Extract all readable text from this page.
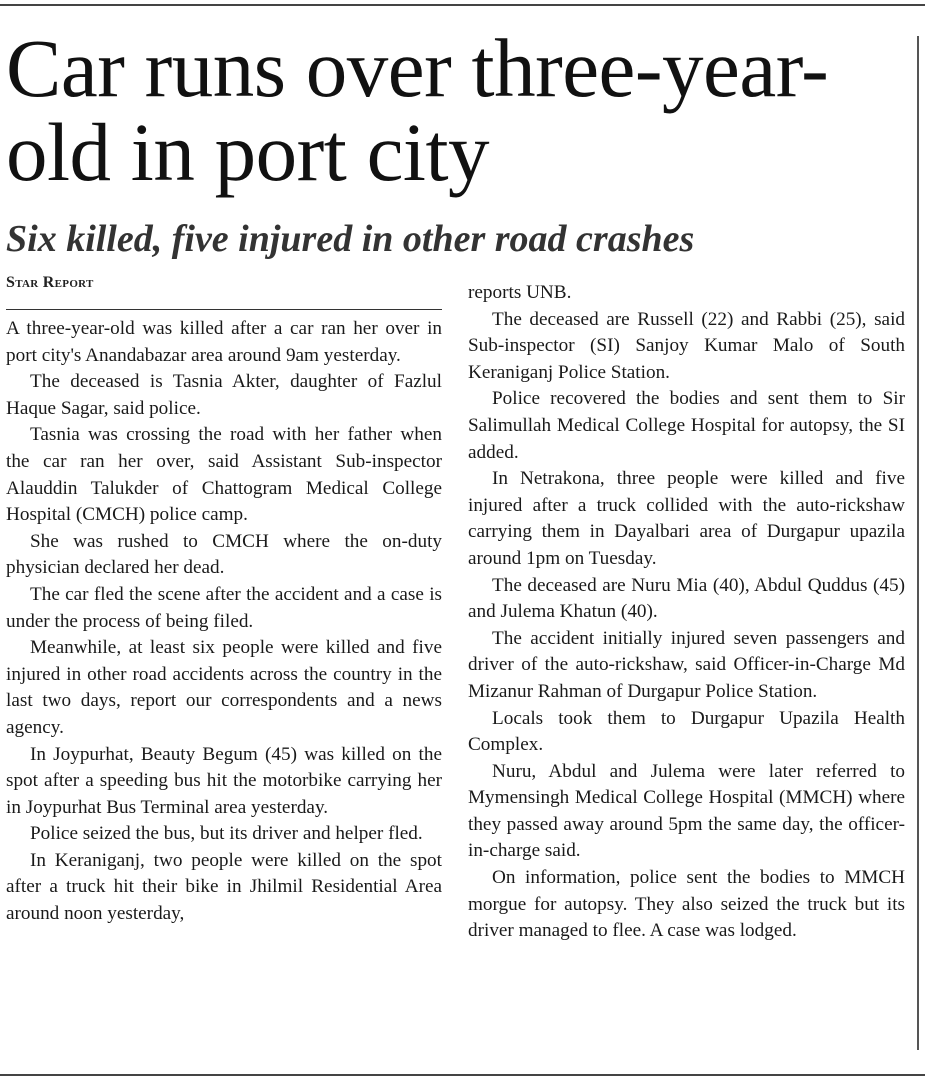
Car runs over three-year-old in port city
Six killed, five injured in other road crashes
Star Report

A three-year-old was killed after a car ran her over in port city's Anandabazar area around 9am yesterday.

The deceased is Tasnia Akter, daughter of Fazlul Haque Sagar, said police.

Tasnia was crossing the road with her father when the car ran her over, said Assistant Sub-inspector Alauddin Talukder of Chattogram Medical College Hospital (CMCH) police camp.

She was rushed to CMCH where the on-duty physician declared her dead.

The car fled the scene after the accident and a case is under the process of being filed.

Meanwhile, at least six people were killed and five injured in other road accidents across the country in the last two days, report our correspondents and a news agency.

In Joypurhat, Beauty Begum (45) was killed on the spot after a speeding bus hit the motorbike carrying her in Joypurhat Bus Terminal area yesterday.

Police seized the bus, but its driver and helper fled.

In Keraniganj, two people were killed on the spot after a truck hit their bike in Jhilmil Residential Area around noon yesterday,

reports UNB.

The deceased are Russell (22) and Rabbi (25), said Sub-inspector (SI) Sanjoy Kumar Malo of South Keraniganj Police Station.

Police recovered the bodies and sent them to Sir Salimullah Medical College Hospital for autopsy, the SI added.

In Netrakona, three people were killed and five injured after a truck collided with the auto-rickshaw carrying them in Dayalbari area of Durgapur upazila around 1pm on Tuesday.

The deceased are Nuru Mia (40), Abdul Quddus (45) and Julema Khatun (40).

The accident initially injured seven passengers and driver of the auto-rickshaw, said Officer-in-Charge Md Mizanur Rahman of Durgapur Police Station.

Locals took them to Durgapur Upazila Health Complex.

Nuru, Abdul and Julema were later referred to Mymensingh Medical College Hospital (MMCH) where they passed away around 5pm the same day, the officer-in-charge said.

On information, police sent the bodies to MMCH morgue for autopsy. They also seized the truck but its driver managed to flee. A case was lodged.
